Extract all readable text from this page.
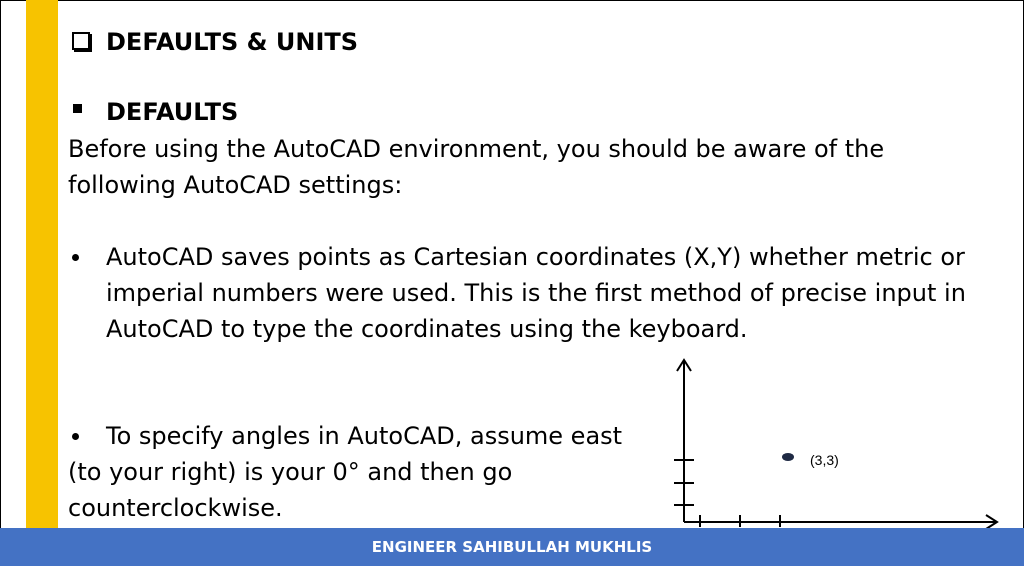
DEFAULTS & UNITS
DEFAULTS
Before using the AutoCAD environment, you should be aware of the
following AutoCAD settings:
AutoCAD saves points as Cartesian coordinates (X,Y) whether metric or
imperial numbers were used. This is the first method of precise input in
AutoCAD to type the coordinates using the keyboard.
To specify angles in AutoCAD, assume east
(to your right) is your 0° and then go
counterclockwise.
(3,3)
ENGINEER SAHIBULLAH MUKHLIS
